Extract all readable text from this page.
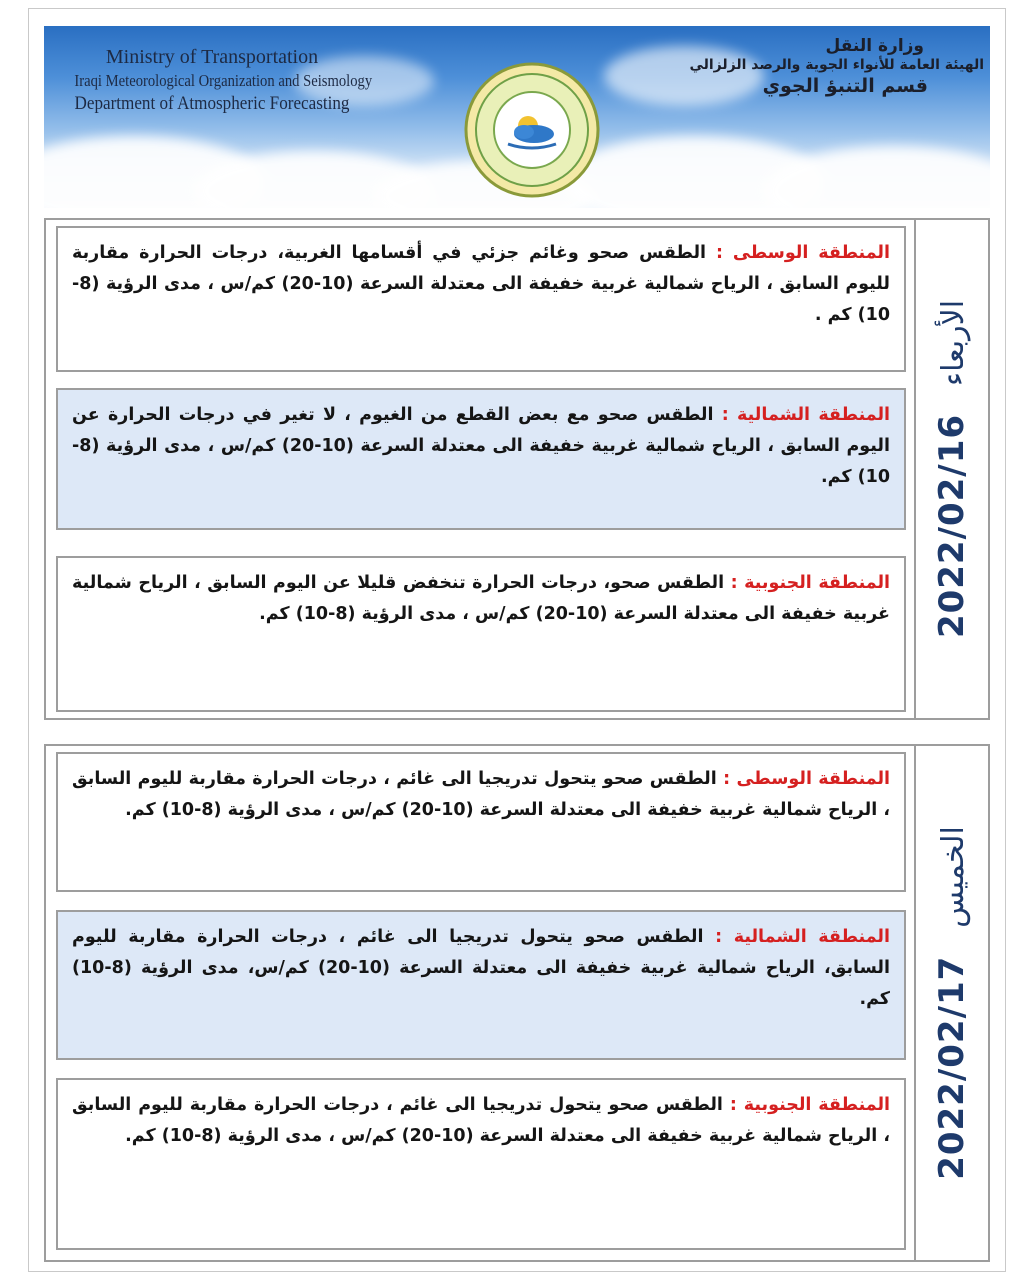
Ministry of Transportation
Iraqi Meteorological Organization and Seismology
Department of Atmospheric Forecasting
وزارة النقل
الهيئة العامة للأنواء الجوية والرصد الزلزالي
قسم التنبؤ الجوي
المنطقة الوسطى : الطقس صحو وغائم جزئي في أقسامها الغربية، درجات الحرارة مقاربة لليوم السابق ، الرياح شمالية غربية خفيفة الى معتدلة السرعة (10-20) كم/س ، مدى الرؤية (8-10) كم .
المنطقة الشمالية : الطقس صحو مع بعض القطع من الغيوم ، لا تغير في درجات الحرارة عن اليوم السابق ، الرياح شمالية غربية خفيفة الى معتدلة السرعة (10-20) كم/س ، مدى الرؤية (8-10) كم.
المنطقة الجنوبية : الطقس صحو، درجات الحرارة تنخفض قليلا عن اليوم السابق ، الرياح شمالية غربية خفيفة الى معتدلة السرعة (10-20) كم/س ، مدى الرؤية (8-10) كم.
الأربعاء
2022/02/16
المنطقة الوسطى : الطقس صحو يتحول تدريجيا الى غائم ، درجات الحرارة مقاربة لليوم السابق ، الرياح شمالية غربية خفيفة الى معتدلة السرعة (10-20) كم/س ، مدى الرؤية (8-10) كم.
المنطقة الشمالية : الطقس صحو يتحول تدريجيا الى غائم ، درجات الحرارة مقاربة لليوم السابق، الرياح شمالية غربية خفيفة الى معتدلة السرعة (10-20) كم/س، مدى الرؤية (8-10) كم.
المنطقة الجنوبية : الطقس صحو يتحول تدريجيا الى غائم ، درجات الحرارة مقاربة لليوم السابق ، الرياح شمالية غربية خفيفة الى معتدلة السرعة (10-20) كم/س ، مدى الرؤية (8-10) كم.
الخميس
2022/02/17
